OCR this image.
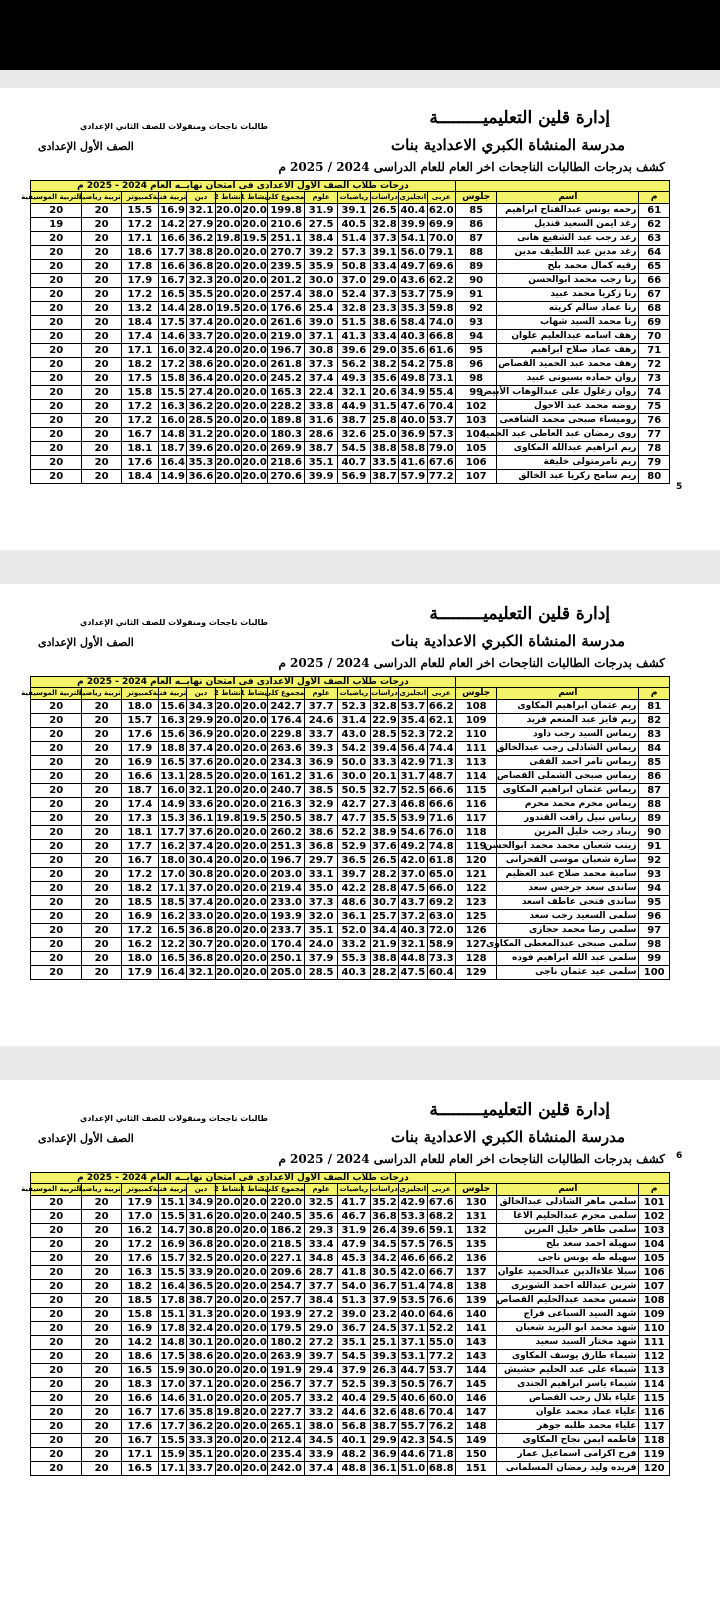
إدارة قلين التعليميـــــــــة
مدرسة المنشاة الكبري الاعدادية بنات
كشف بدرجات الطالبات الناجحات اخر العام للعام الدراسى 2024 / 2025 م
طالبات ناجحات ومنقولات للصف الثاني الإعدادي
الصف الأول الإعدادى
			درجات طلاب الصف الاول الاعدادى فى امتحان نهايــه العام 2024 - 2025 م												
م	اسم	جلوس	عربى	انجليزى	دراسات	رياضيات	علوم	مجموع كلى	نشاط 1	نشاط 2	دين	تربية فنية	كمبيوتر	تربية رياضية	التربية الموسيقية
61	رحمه يونس عبدالفتاح ابراهيم	85	62.0	40.4	26.5	39.1	31.9	199.8	20.0	20.0	32.1	16.9	15.5	20	20
62	رغد ايمن السعيد قنديل	86	69.9	39.9	32.8	40.5	27.5	210.6	20.0	20.0	27.9	14.2	17.2	20	19
63	رغد رجب عبد الشفيع هانى	87	70.0	54.1	37.3	51.4	38.4	251.1	19.5	19.8	36.2	16.6	17.1	20	20
64	رغد مدين عبد اللطيف مدين	88	79.1	56.0	39.1	57.3	39.2	270.7	20.0	20.0	38.8	17.7	18.6	20	20
65	رقيه كمال محمد بلح	89	69.6	49.7	33.4	50.8	35.9	239.5	20.0	20.0	36.8	16.6	17.8	20	20
66	رنا رجب محمد ابوالحسن	90	62.2	43.6	29.0	37.0	30.0	201.2	20.0	20.0	32.3	16.7	17.9	20	20
67	رنا زكريا محمد عبيد	91	75.9	53.7	37.3	52.4	38.0	257.4	20.0	20.0	35.5	16.5	17.2	20	20
68	رنا عماد سالم كريته	92	59.8	35.3	23.3	32.8	25.4	176.6	20.0	19.5	28.0	14.4	13.2	20	20
69	رنا محمد السيد شهاب	93	74.0	58.4	38.6	51.5	39.0	261.6	20.0	20.0	37.4	17.5	18.4	20	20
70	رهف اسامه عبدالعليم علوان	94	66.8	40.3	33.4	41.3	37.1	219.0	20.0	20.0	33.7	14.6	17.4	20	20
71	رهف عماد صلاح ابراهيم	95	61.6	35.6	29.0	39.6	30.8	196.7	20.0	20.0	32.4	16.0	17.1	20	20
72	رهف محمد عبد الحميد القصاص	96	75.8	54.2	38.2	56.2	37.3	261.8	20.0	20.0	38.6	17.2	18.2	20	20
73	روان حماده بسيونى عبيد	98	73.1	49.8	35.6	49.3	37.4	245.2	20.0	20.0	36.4	15.8	17.5	20	20
74	روان زغلول على عبدالوهاب الأبيض	99	55.4	34.9	20.6	32.1	22.4	165.3	20.0	20.0	27.4	15.5	15.8	20	20
75	روضه محمد عبد الاحول	102	70.4	47.6	31.5	44.9	33.8	228.2	20.0	20.0	36.2	16.3	17.2	20	20
76	روميساء صبحى محمد الشافعى	103	53.7	40.0	25.8	38.7	31.6	189.8	20.0	20.0	28.5	16.0	17.2	20	20
77	روى رمضان عبد العاطى عبد الحميد	104	57.3	36.9	25.0	32.6	28.6	180.3	20.0	20.0	31.2	14.8	16.7	20	20
78	ريم ابراهيم عبدالله المكاوى	105	79.0	58.8	38.8	54.5	38.7	269.9	20.0	20.0	39.6	18.7	18.1	20	20
79	ريم تامرمتولى خليفة	106	67.6	41.6	33.5	40.7	35.1	218.6	20.0	20.0	35.3	16.4	17.6	20	20
80	ريم سامح زكريا عبد الخالق	107	77.2	57.9	38.7	56.9	39.9	270.6	20.0	20.0	36.6	14.9	18.4	20	20
5
إدارة قلين التعليميـــــــــة
مدرسة المنشاة الكبري الاعدادية بنات
كشف بدرجات الطالبات الناجحات اخر العام للعام الدراسى 2024 / 2025 م
طالبات ناجحات ومنقولات للصف الثاني الإعدادي
الصف الأول الإعدادى
			درجات طلاب الصف الاول الاعدادى فى امتحان نهايــه العام 2024 - 2025 م												
م	اسم	جلوس	عربى	انجليزى	دراسات	رياضيات	علوم	مجموع كلى	نشاط 1	نشاط 2	دين	تربية فنية	كمبيوتر	تربية رياضية	التربية الموسيقية
81	ريم عثمان ابراهيم المكاوى	108	66.2	53.7	32.8	52.3	37.7	242.7	20.0	20.0	34.3	15.6	18.0	20	20
82	ريم فايز عبد المنعم فريد	109	62.1	35.4	22.9	31.4	24.6	176.4	20.0	20.0	29.9	16.3	15.7	20	20
83	ريماس السيد رجب داود	110	72.2	52.3	28.5	43.0	33.7	229.8	20.0	20.0	36.9	15.6	17.6	20	20
84	ريماس الشاذلى رجب عبدالخالق	111	74.4	56.4	39.4	54.2	39.3	263.6	20.0	20.0	37.4	18.8	17.9	20	20
85	ريماس تامر احمد الفقى	113	71.3	42.9	33.3	50.0	36.9	234.3	20.0	20.0	37.6	16.5	16.9	20	20
86	ريماس صبحى الشملى القصاص	114	48.7	31.7	20.1	30.0	31.6	161.2	20.0	20.0	28.5	13.1	16.6	20	20
87	ريماس عثمان ابراهيم المكاوى	115	66.6	52.5	32.7	50.5	38.5	240.7	20.0	20.0	32.1	16.0	18.7	20	20
88	ريماس محرم محمد محرم	116	66.6	46.8	27.3	42.7	32.9	216.3	20.0	20.0	33.6	14.9	17.4	20	20
89	ريناس نبيل رأفت القندور	117	71.6	53.9	35.5	47.7	38.7	250.5	19.5	19.8	36.1	15.3	17.3	20	20
90	ريناد رجب خليل المزين	118	76.0	54.6	38.9	52.2	38.6	260.2	20.0	20.0	37.6	17.7	18.1	20	20
91	زينب شعبان محمد محمد ابوالحسن	119	74.8	49.2	37.6	52.9	36.8	251.3	20.0	20.0	37.4	16.2	17.7	20	20
92	سارة شعبان موسى الفخرانى	120	61.8	42.0	26.5	36.5	29.7	196.7	20.0	20.0	30.4	18.0	16.7	20	20
93	سامية محمد صلاح عبد العظيم	121	65.0	37.0	28.2	39.7	33.1	203.0	20.0	20.0	30.8	17.0	17.2	20	20
94	ساندى سعد جرجس سعد	122	66.0	47.5	28.8	42.2	35.0	219.4	20.0	20.0	37.0	17.1	18.2	20	20
95	ساندى فتحى عاطف اسعد	123	69.2	43.7	30.7	48.6	37.3	233.0	20.0	20.0	37.4	18.5	18.5	20	20
96	سلمى السعيد رجب سعد	125	63.0	37.2	25.7	36.1	32.0	193.9	20.0	20.0	33.0	16.2	16.9	20	20
97	سلمى رضا محمد حجازى	126	72.0	40.3	34.4	52.0	35.1	233.7	20.0	20.0	36.8	16.5	17.2	20	20
98	سلمى صبحى عبدالمعطى المكاوى	127	58.9	32.1	21.9	33.2	24.0	170.4	20.0	20.0	30.7	12.2	16.2	20	20
99	سلمى عبد الله ابراهيم فوده	128	73.3	44.8	38.8	55.3	37.9	250.1	20.0	20.0	36.8	16.5	18.0	20	20
100	سلمى عيد عثمان ناجى	129	60.4	47.5	28.2	40.3	28.5	205.0	20.0	20.0	32.1	16.4	17.9	20	20
إدارة قلين التعليميـــــــــة
مدرسة المنشاة الكبري الاعدادية بنات
كشف بدرجات الطالبات الناجحات اخر العام للعام الدراسى 2024 / 2025 م
طالبات ناجحات ومنقولات للصف الثاني الإعدادي
الصف الأول الإعدادى
			درجات طلاب الصف الاول الاعدادى فى امتحان نهايــه العام 2024 - 2025 م												
م	اسم	جلوس	عربى	انجليزى	دراسات	رياضيات	علوم	مجموع كلى	نشاط 1	نشاط 2	دين	تربية فنية	كمبيوتر	تربية رياضية	التربية الموسيقية
101	سلمى ماهر الشاذلى عبدالخالق	130	67.6	42.9	35.2	41.7	32.5	220.0	20.0	20.0	34.9	15.1	17.9	20	20
102	سلمى محرم عبدالحليم الاغا	131	68.2	53.3	36.8	46.7	35.6	240.5	20.0	20.0	31.6	15.5	17.0	20	20
103	سلمى طاهر خليل المزين	132	59.1	39.6	26.4	31.9	29.3	186.2	20.0	20.0	30.8	14.7	16.2	20	20
104	سهيلة احمد سعد بلح	135	76.5	57.5	34.5	47.9	33.4	218.5	20.0	20.0	36.8	16.9	17.2	20	20
105	سهيله طه يونس ناجى	136	66.2	46.6	34.2	45.3	34.8	227.1	20.0	20.0	32.5	15.7	17.6	20	20
106	سيلا علاءالدين عبدالحميد علوان	137	66.7	42.0	30.5	41.8	28.7	209.6	20.0	20.0	33.9	15.5	16.3	20	20
107	شرين عبدالله احمد الشويرى	138	74.8	51.4	36.7	54.0	37.7	254.7	20.0	20.0	36.5	16.4	18.2	20	20
108	شمس محمد عبدالحليم القصاص	139	76.6	53.5	37.9	51.3	38.4	257.7	20.0	20.0	38.7	17.8	18.5	20	20
109	شهد السيد السباعى فراج	140	64.6	40.0	23.2	39.0	27.2	193.9	20.0	20.0	31.3	15.1	15.8	20	20
110	شهد محمد ابو اليزيد شعبان	141	52.2	37.1	24.5	36.7	29.0	179.5	20.0	20.0	32.4	17.8	16.9	20	20
111	شهد مختار السيد سعيد	143	55.0	37.1	25.1	35.1	27.2	180.2	20.0	20.0	30.1	14.8	14.2	20	20
112	شيماء طارق يوسف المكاوى	143	77.2	53.1	39.3	54.5	39.7	263.9	20.0	20.0	38.6	17.5	18.6	20	20
113	شيماء على عبد الحليم حشيش	144	53.7	44.7	26.3	37.9	29.4	191.9	20.0	20.0	30.0	15.9	16.5	20	20
114	شيماء ياسر ابراهيم الجندى	145	76.7	50.5	39.3	52.5	37.7	256.7	20.0	20.0	37.1	17.0	18.3	20	20
115	علياء بلال رجب القصاص	146	60.0	40.6	29.5	40.4	33.2	205.7	20.0	20.0	31.0	14.6	16.6	20	20
116	علياء عماد محمد علوان	147	70.4	48.6	32.6	44.6	33.2	227.7	20.0	19.8	35.8	17.6	16.7	20	20
117	علياء محمد طلبه جوهر	148	76.2	55.7	38.7	56.8	38.0	265.1	20.0	20.0	36.2	17.7	17.6	20	20
118	فاطمه ايمن نجاح المكاوى	149	54.5	42.3	29.9	40.1	34.5	212.4	20.0	20.0	33.3	15.5	16.7	20	20
119	فرح اكرامى اسماعيل عمار	150	71.8	44.6	36.9	48.2	33.9	235.4	20.0	20.0	35.1	15.9	17.1	20	20
120	فريده وليد رمضان المسلمانى	151	68.8	51.0	36.1	48.8	37.4	242.0	20.0	20.0	33.7	17.1	16.5	20	20
6
